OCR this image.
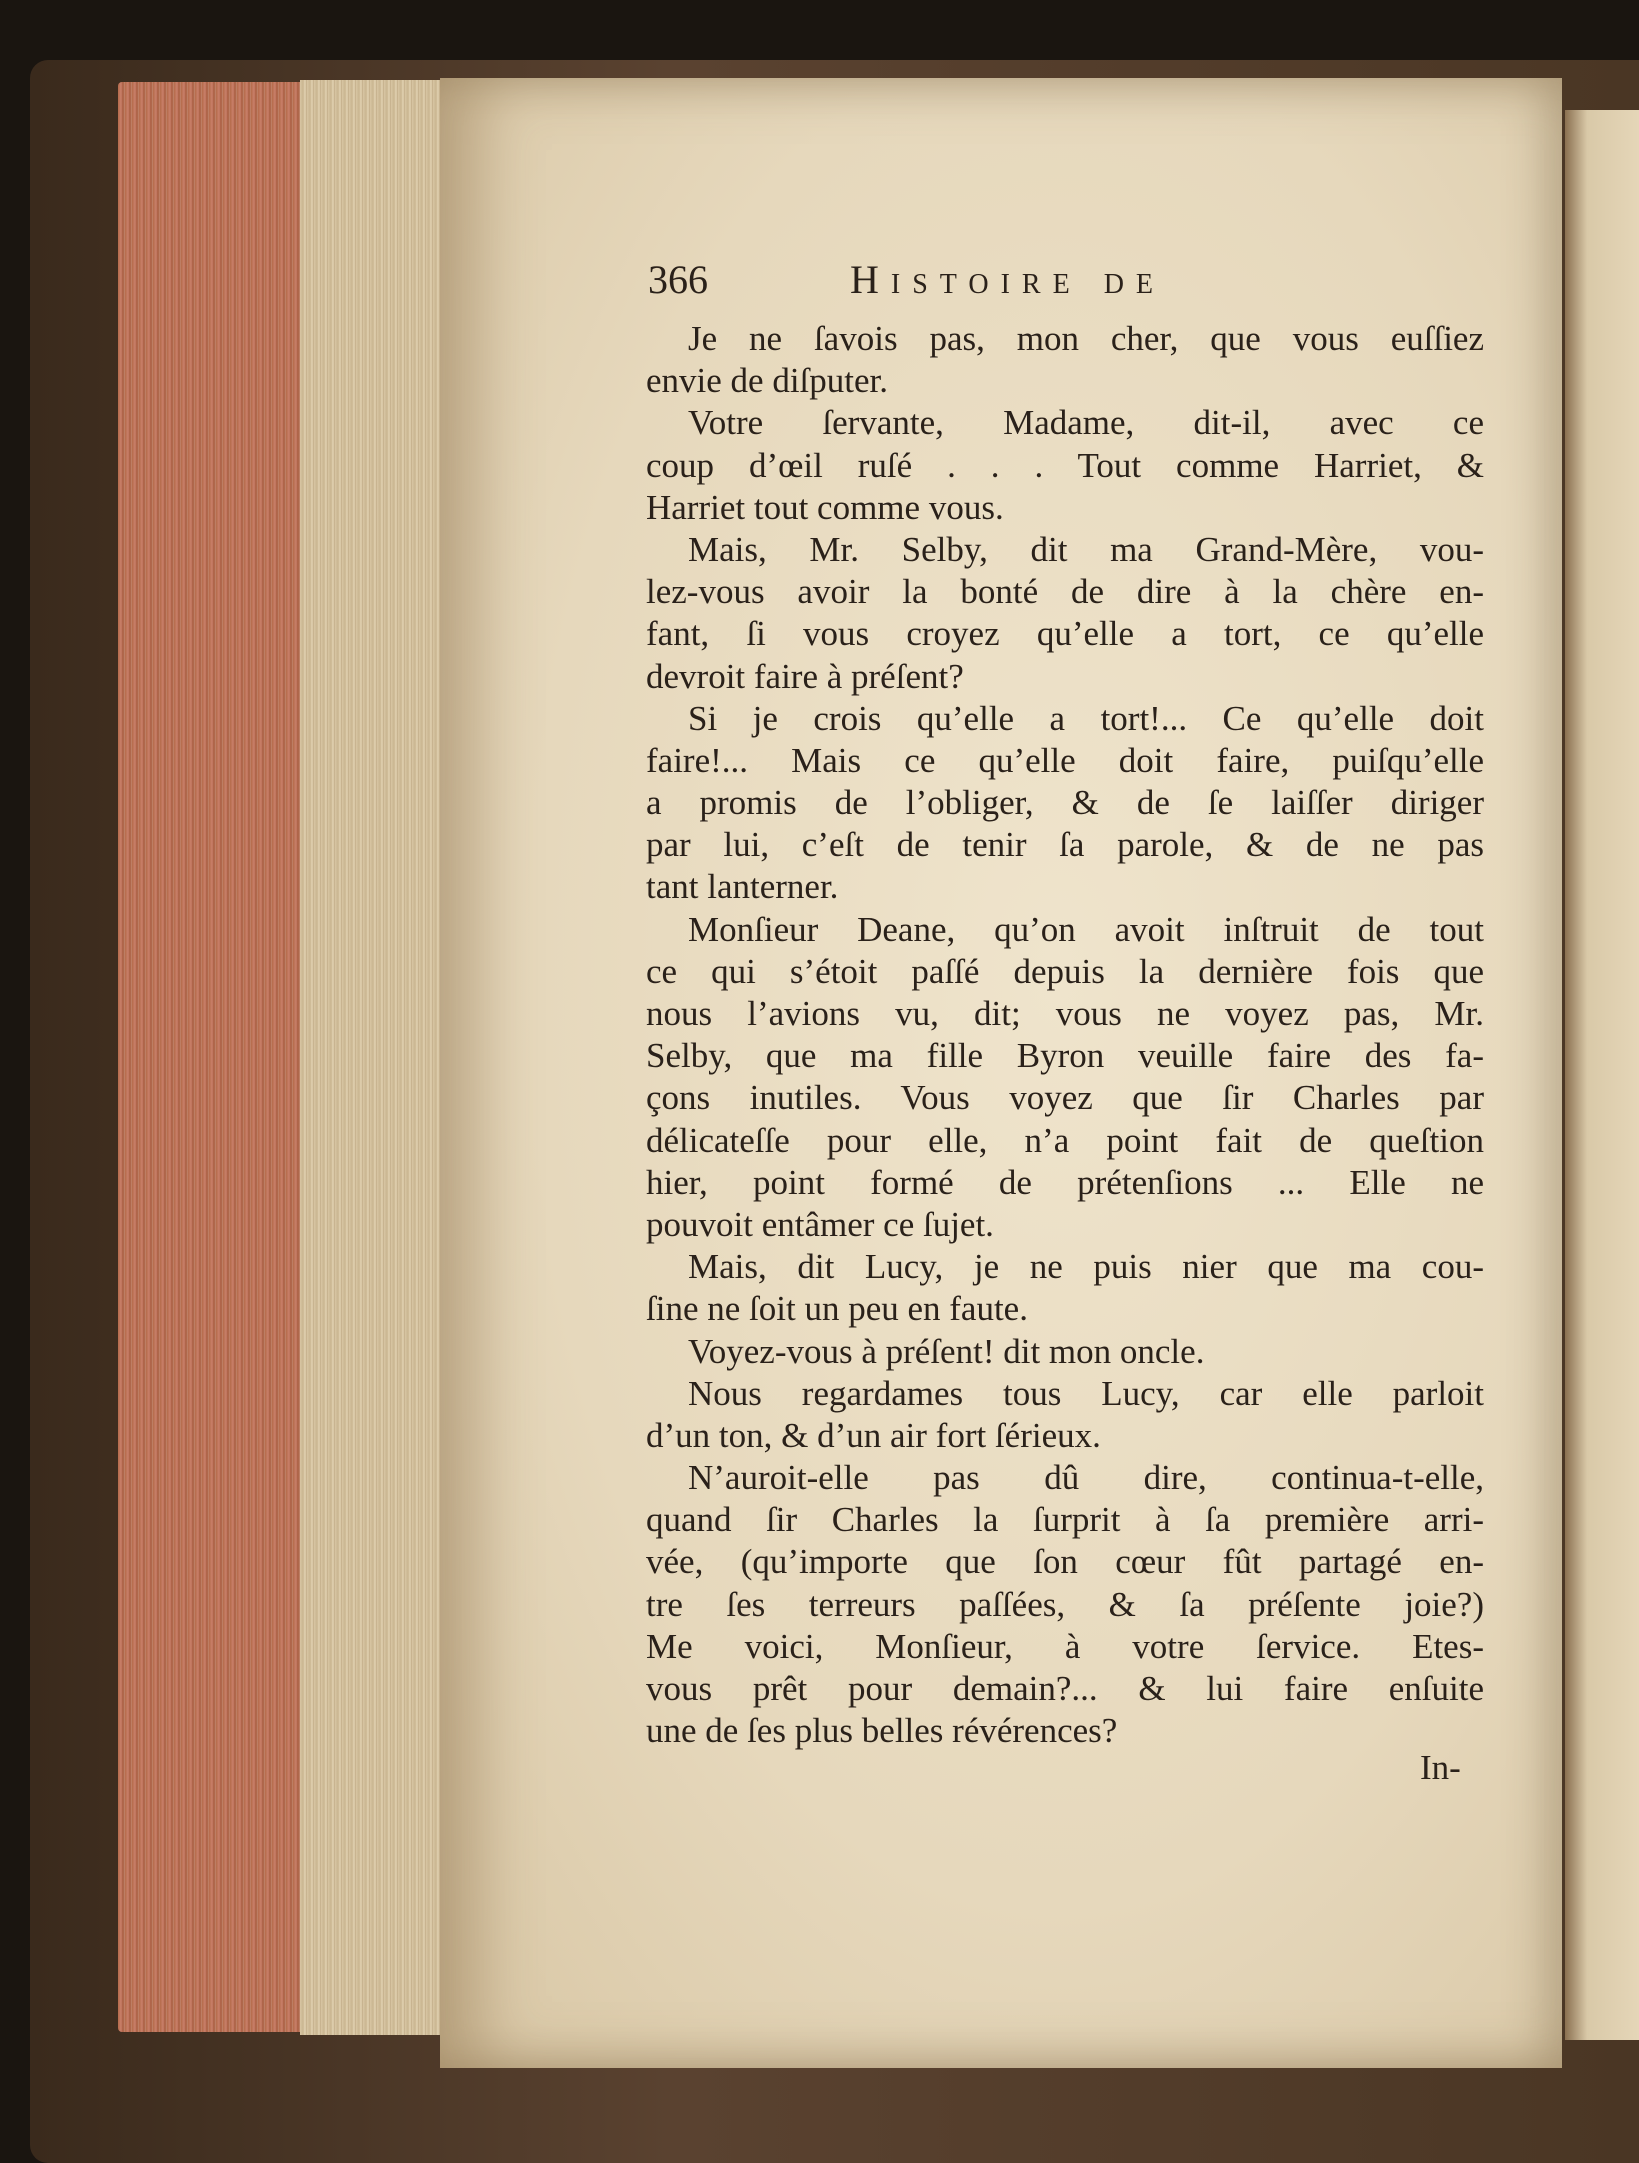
366	Histoire de
Je ne ſavois pas, mon cher, que vous euſſiez
envie de diſputer.
Votre ſervante, Madame, dit-il, avec ce
coup d’œil ruſé . . . Tout comme Harriet, &
Harriet tout comme vous.
Mais, Mr. Selby, dit ma Grand-Mère, vou-
lez-vous avoir la bonté de dire à la chère en-
fant, ſi vous croyez qu’elle a tort, ce qu’elle
devroit faire à préſent?
Si je crois qu’elle a tort!... Ce qu’elle doit
faire!... Mais ce qu’elle doit faire, puiſqu’elle
a promis de l’obliger, & de ſe laiſſer diriger
par lui, c’eſt de tenir ſa parole, & de ne pas
tant lanterner.
Monſieur Deane, qu’on avoit inſtruit de tout
ce qui s’étoit paſſé depuis la dernière fois que
nous l’avions vu, dit; vous ne voyez pas, Mr.
Selby, que ma fille Byron veuille faire des fa-
çons inutiles. Vous voyez que ſir Charles par
délicateſſe pour elle, n’a point fait de queſtion
hier, point formé de prétenſions ... Elle ne
pouvoit entâmer ce ſujet.
Mais, dit Lucy, je ne puis nier que ma cou-
ſine ne ſoit un peu en faute.
Voyez-vous à préſent! dit mon oncle.
Nous regardames tous Lucy, car elle parloit
d’un ton, & d’un air fort ſérieux.
N’auroit-elle pas dû dire, continua-t-elle,
quand ſir Charles la ſurprit à ſa première arri-
vée, (qu’importe que ſon cœur fût partagé en-
tre ſes terreurs paſſées, & ſa préſente joie?)
Me voici, Monſieur, à votre ſervice. Etes-
vous prêt pour demain?... & lui faire enſuite
une de ſes plus belles révérences?
In-
